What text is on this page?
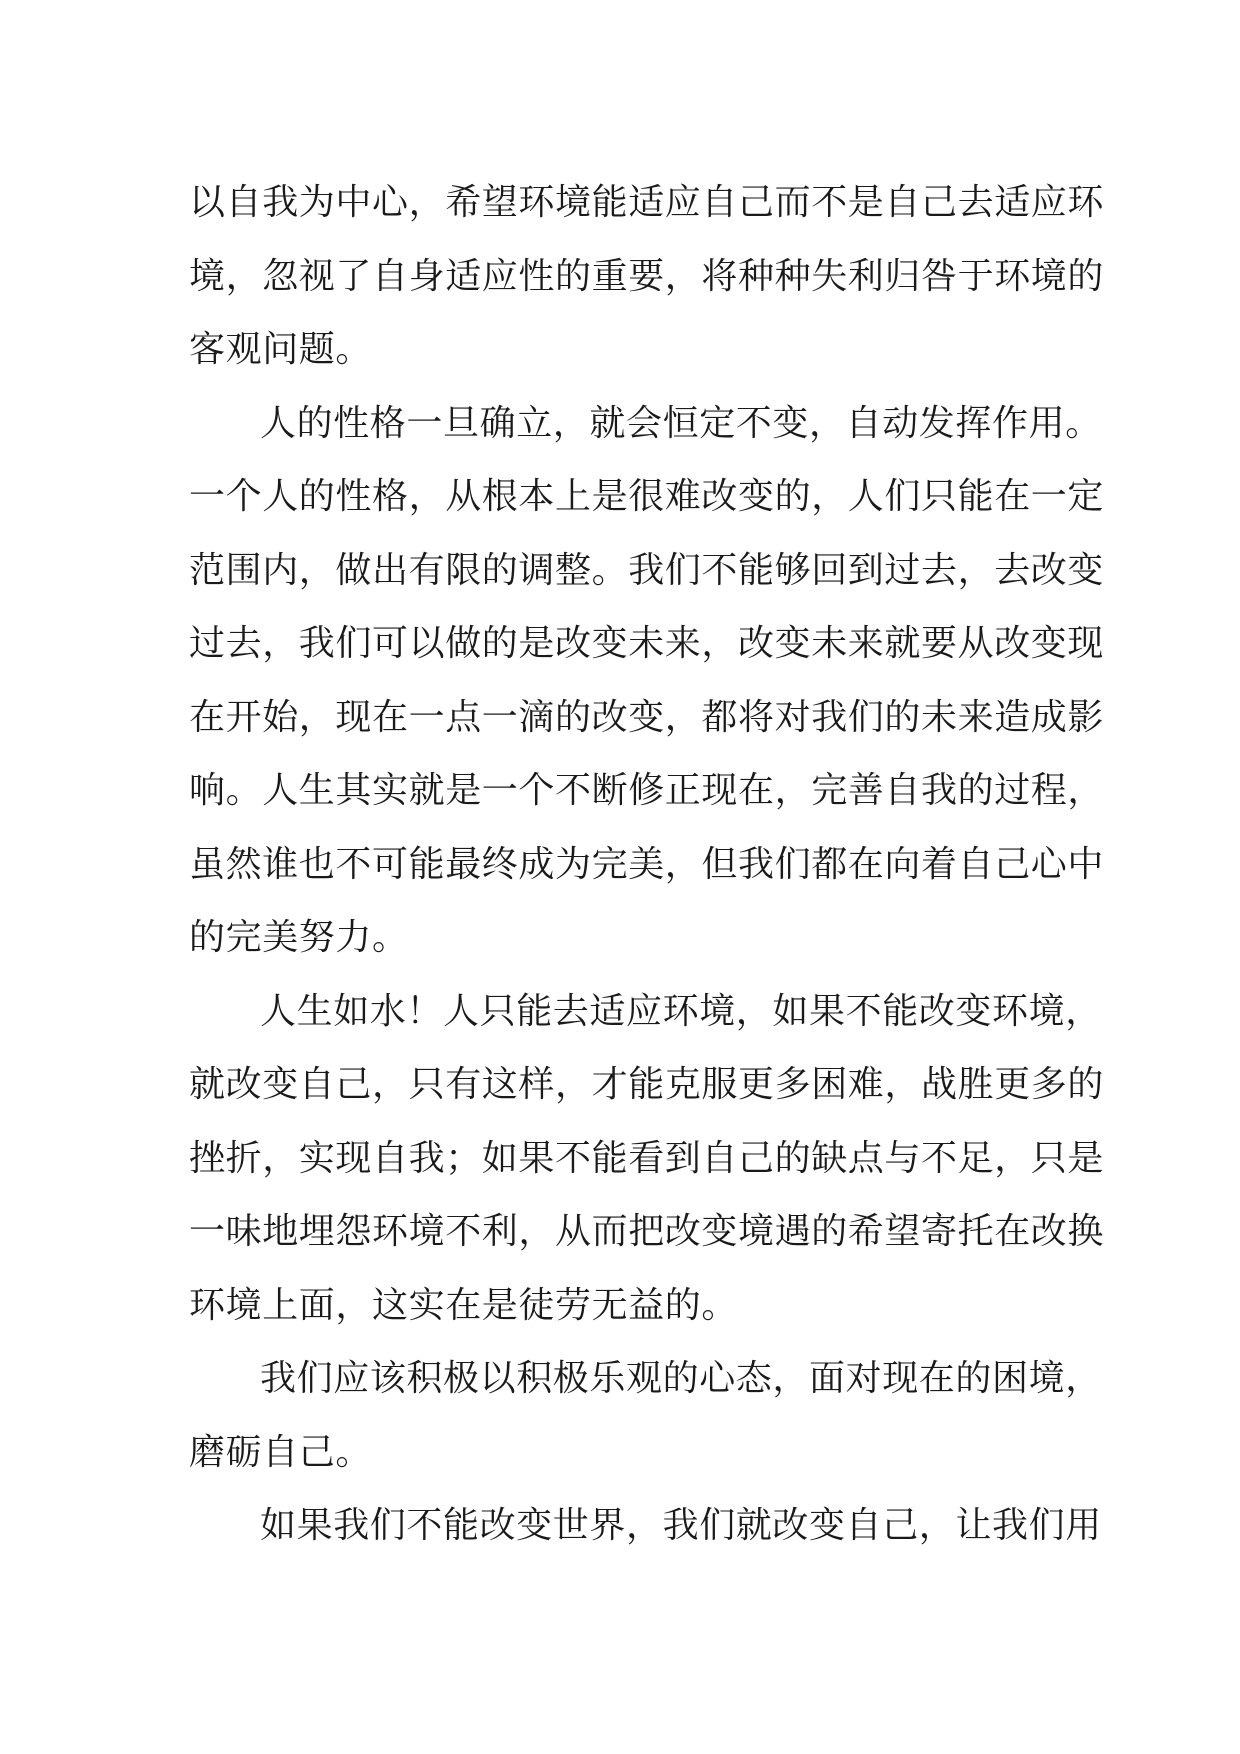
以自我为中心，希望环境能适应自己而不是自己去适应环
境，忽视了自身适应性的重要，将种种失利归咎于环境的
客观问题。
人的性格一旦确立，就会恒定不变，自动发挥作用。
一个人的性格，从根本上是很难改变的，人们只能在一定
范围内，做出有限的调整。我们不能够回到过去，去改变
过去，我们可以做的是改变未来，改变未来就要从改变现
在开始，现在一点一滴的改变，都将对我们的未来造成影
响。人生其实就是一个不断修正现在，完善自我的过程，
虽然谁也不可能最终成为完美，但我们都在向着自己心中
的完美努力。
人生如水！人只能去适应环境，如果不能改变环境，
就改变自己，只有这样，才能克服更多困难，战胜更多的
挫折，实现自我；如果不能看到自己的缺点与不足，只是
一味地埋怨环境不利，从而把改变境遇的希望寄托在改换
环境上面，这实在是徒劳无益的。
我们应该积极以积极乐观的心态，面对现在的困境，
磨砺自己。
如果我们不能改变世界，我们就改变自己，让我们用
